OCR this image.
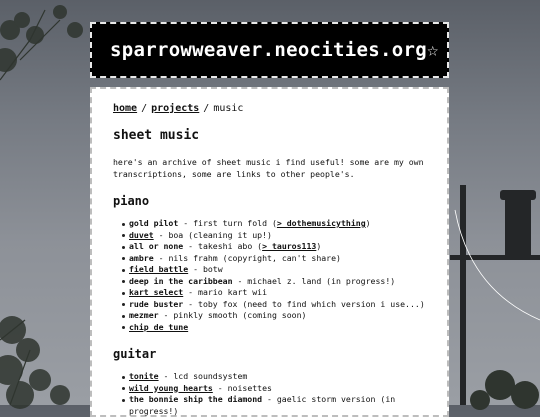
sparrowweaver.neocities.org☆
home / projects / music
sheet music

here's an archive of sheet music i find useful! some are my own transcriptions, some are links to other people's.

piano
gold pilot - first turn fold (> dothemusicything)
duvet - boa (cleaning it up!)
all or none - takeshi abo (> tauros113)
ambre - nils frahm (copyright, can't share)
field battle - botw
deep in the caribbean - michael z. land (in progress!)
kart select - mario kart wii
rude buster - toby fox (need to find which version i use...)
mezmer - pinkly smooth (coming soon)
chip de tune
guitar
tonite - lcd soundsystem
wild young hearts - noisettes
the bonnie ship the diamond - gaelic storm version (in progress!)
